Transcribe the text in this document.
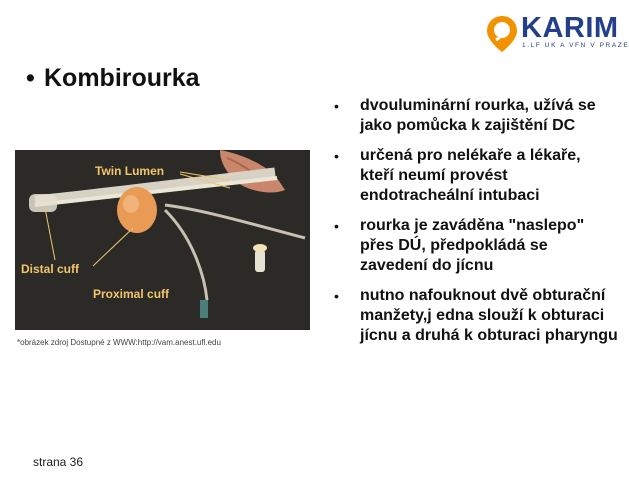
KARIM
1.LF UK A VFN V PRAZE
• Kombirourka
Twin Lumen
Distal cuff
Proximal cuff
*obrázek zdroj Dostupné z WWW:http://vam.anest.ufl.edu
• dvouluminární rourka, užívá se jako pomůcka k zajištění DC
• určená pro nelékaře a lékaře, kteří neumí provést endotracheální intubaci
• rourka je zaváděna "naslepo" přes DÚ, předpokládá se zavedení do jícnu
• nutno nafouknout dvě obturační manžety,j edna slouží k obturaci jícnu a druhá k obturaci pharyngu
strana 36
